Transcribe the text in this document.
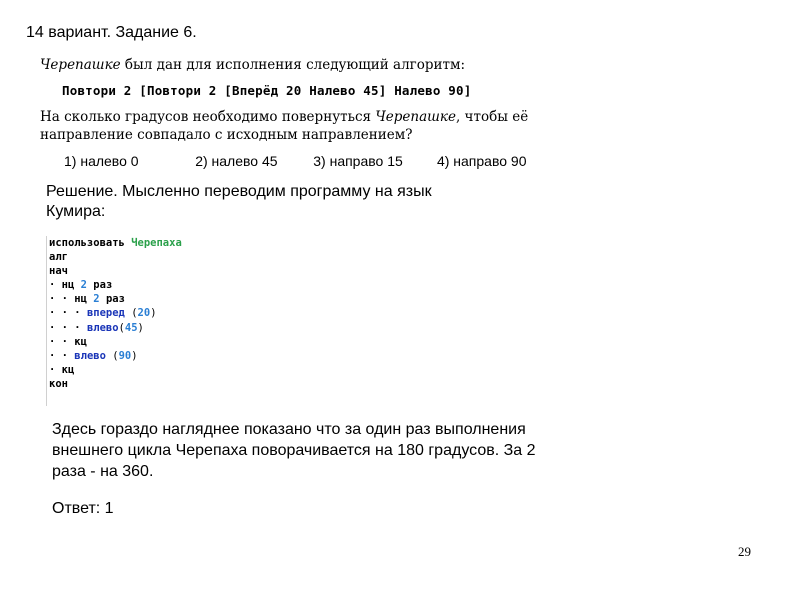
14 вариант. Задание 6.

Черепашке был дан для исполнения следующий алгоритм:

Повтори 2 [Повтори 2 [Вперёд 20 Налево 45] Налево 90]

На сколько градусов необходимо повернуться Черепашке, чтобы её направление совпадало с исходным направлением?

1) налево 0	2) налево 45	3) направо 15	4) направо 90
Решение. Мысленно переводим программу на язык Кумира:
использовать Черепаха
алг
нач
· нц 2 раз
· · нц 2 раз
· · · вперед (20)
· · · влево(45)
· · кц
· · влево (90)
· кц
кон
Здесь гораздо нагляднее показано что за один раз выполнения внешнего цикла Черепаха поворачивается на 180 градусов. За 2 раза - на 360.
Ответ: 1
29
